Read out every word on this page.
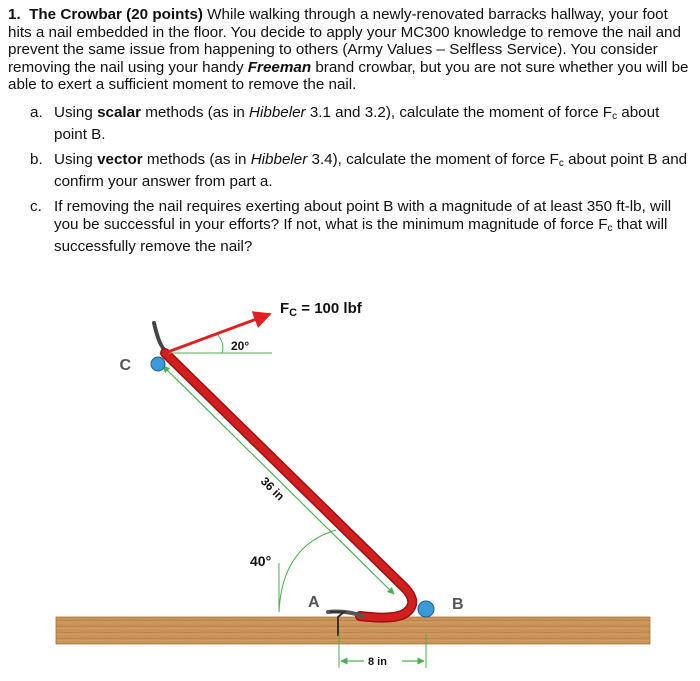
1. The Crowbar (20 points) While walking through a newly-renovated barracks hallway, your foot hits a nail embedded in the floor. You decide to apply your MC300 knowledge to remove the nail and prevent the same issue from happening to others (Army Values – Selfless Service). You consider removing the nail using your handy Freeman brand crowbar, but you are not sure whether you will be able to exert a sufficient moment to remove the nail.

a. Using scalar methods (as in Hibbeler 3.1 and 3.2), calculate the moment of force $F_c$ about point B.
b. Using vector methods (as in Hibbeler 3.4), calculate the moment of force $F_c$ about point B and confirm your answer from part a.
c. If removing the nail requires exerting about point B with a magnitude of at least 350 ft-lb, will you be successful in your efforts? If not, what is the minimum magnitude of force $F_c$ that will successfully remove the nail?
$F_C = 100$ lbf
20°
C
36 in
40°
A	B
8 in
